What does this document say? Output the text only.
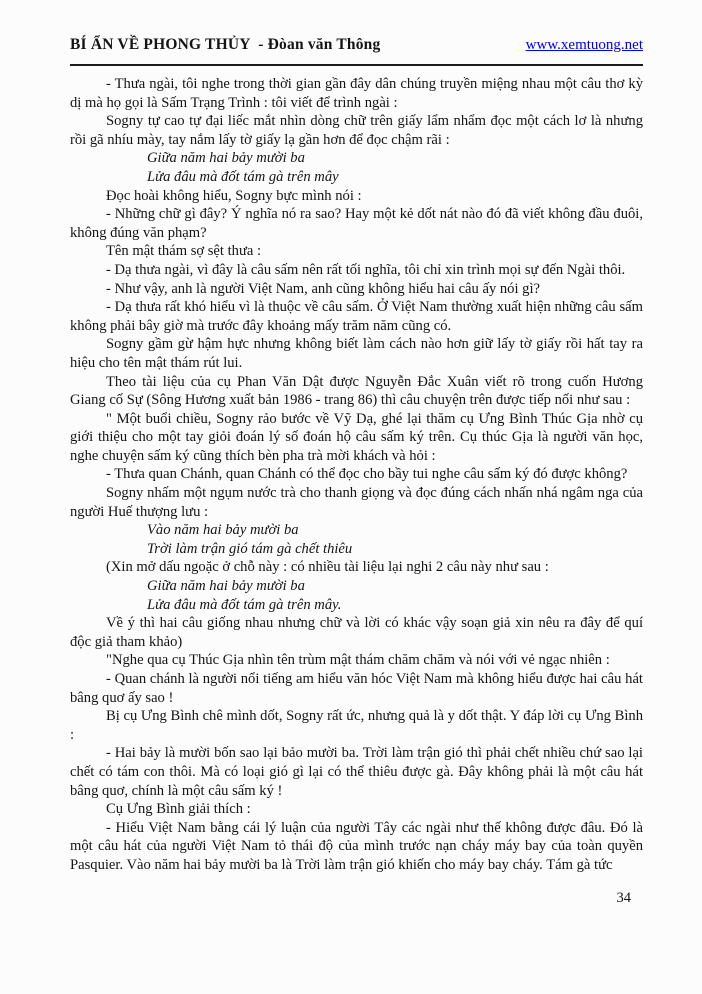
BÍ ẨN VỀ PHONG THỦY  - Đòan văn Thông	www.xemtuong.net

- Thưa ngài, tôi nghe trong thời gian gần đây dân chúng truyền miệng nhau một câu thơ kỳ dị mà họ gọi là Sấm Trạng Trình : tôi viết để trình ngài :

Sogny tự cao tự đại liếc mắt nhìn dòng chữ trên giấy lẩm nhẩm đọc một cách lơ là nhưng rồi gã nhíu mày, tay nắm lấy tờ giấy lạ gần hơn để đọc chậm rãi :

Giữa năm hai bảy mười ba

Lửa đâu mà đốt tám gà trên mây

Đọc hoài không hiểu, Sogny bực mình nói :

- Những chữ gì đây? Ý nghĩa nó ra sao? Hay một kẻ dốt nát nào đó đã viết không đầu đuôi, không đúng văn phạm?

Tên mật thám sợ sệt thưa :

- Dạ thưa ngài, vì đây là câu sấm nên rất tối nghĩa, tôi chỉ xin trình mọi sự đến Ngài thôi.

- Như vậy, anh là người Việt Nam, anh cũng không hiểu hai câu ấy nói gì?

- Dạ thưa rất khó hiểu vì là thuộc về câu sấm. Ở Việt Nam thường xuất hiện những câu sấm không phải bây giờ mà trước đây khoảng mấy trăm năm cũng có.

Sogny gầm gừ hậm hực nhưng không biết làm cách nào hơn giữ lấy tờ giấy rồi hất tay ra hiệu cho tên mật thám rút lui.

Theo tài liệu của cụ Phan Văn Dật được Nguyễn Đắc Xuân viết rõ trong cuốn Hương Giang cố Sự (Sông Hương xuất bản 1986 - trang 86) thì câu chuyện trên được tiếp nối như sau :

" Một buổi chiều, Sogny rảo bước về Vỹ Dạ, ghé lại thăm cụ Ưng Bình Thúc Gịa nhờ cụ giới thiệu cho một tay giỏi đoán lý số đoán hộ câu sấm ký trên. Cụ thúc Gịa là người văn học, nghe chuyện sấm ký cũng thích bèn pha trà mời khách và hỏi :

- Thưa quan Chánh, quan Chánh có thể đọc cho bầy tui nghe câu sấm ký đó được không?

Sogny nhấm một ngụm nước trà cho thanh giọng và đọc đúng cách nhấn nhá ngâm nga của người Huế thượng lưu :

Vào năm hai bảy mười ba

Trời làm trận gió tám gà chết thiêu

(Xin mở dấu ngoặc ở chỗ này : có nhiều tài liệu lại nghi 2 câu này như sau :

Giữa năm hai bảy mười ba

Lửa đâu mà đốt tám gà trên mây.

Về ý thì hai câu giống nhau nhưng chữ và lời có khác vậy soạn giả xin nêu ra đây để quí độc giả tham khảo)

"Nghe qua cụ Thúc Gịa nhìn tên trùm mật thám chăm chăm và nói với vẻ ngạc nhiên :

- Quan chánh là người nổi tiếng am hiểu văn hóc Việt Nam mà không hiểu được hai câu hát bâng quơ ấy sao !

Bị cụ Ưng Bình chê mình dốt, Sogny rất ức, nhưng quả là y dốt thật. Y đáp lời cụ Ưng Bình :

- Hai bảy là mười bốn sao lại bảo mười ba. Trời làm trận gió thì phải chết nhiều chứ sao lại chết có tám con thôi. Mà có loại gió gì lại có thể thiêu được gà. Đây không phải là một câu hát bâng quơ, chính là một câu sấm ký !

Cụ Ưng Bình giải thích :

- Hiểu Việt Nam bằng cái lý luận của người Tây các ngài như thế không được đâu. Đó là một câu hát của người Việt Nam tỏ thái độ của mình trước nạn cháy máy bay của toàn quyền Pasquier. Vào năm hai bảy mười ba là Trời làm trận gió khiến cho máy bay cháy. Tám gà tức

34
